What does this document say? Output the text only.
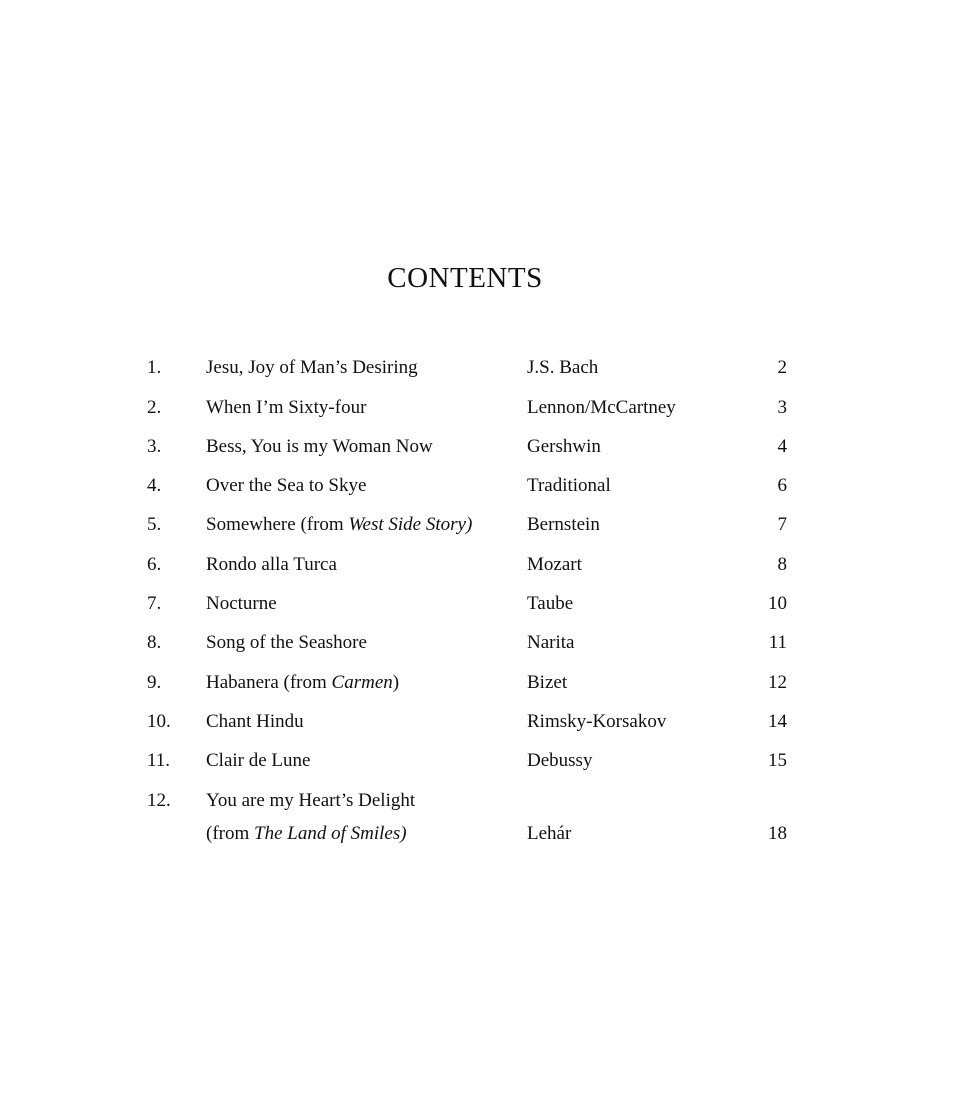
CONTENTS
1. Jesu, Joy of Man’s Desiring	J.S. Bach	2
2. When I’m Sixty-four	Lennon/McCartney	3
3. Bess, You is my Woman Now	Gershwin	4
4. Over the Sea to Skye	Traditional	6
5. Somewhere (from West Side Story)	Bernstein	7
6. Rondo alla Turca	Mozart	8
7. Nocturne	Taube	10
8. Song of the Seashore	Narita	11
9. Habanera (from Carmen)	Bizet	12
10. Chant Hindu	Rimsky-Korsakov	14
11. Clair de Lune	Debussy	15
12. You are my Heart’s Delight
(from The Land of Smiles)	Lehár	18
